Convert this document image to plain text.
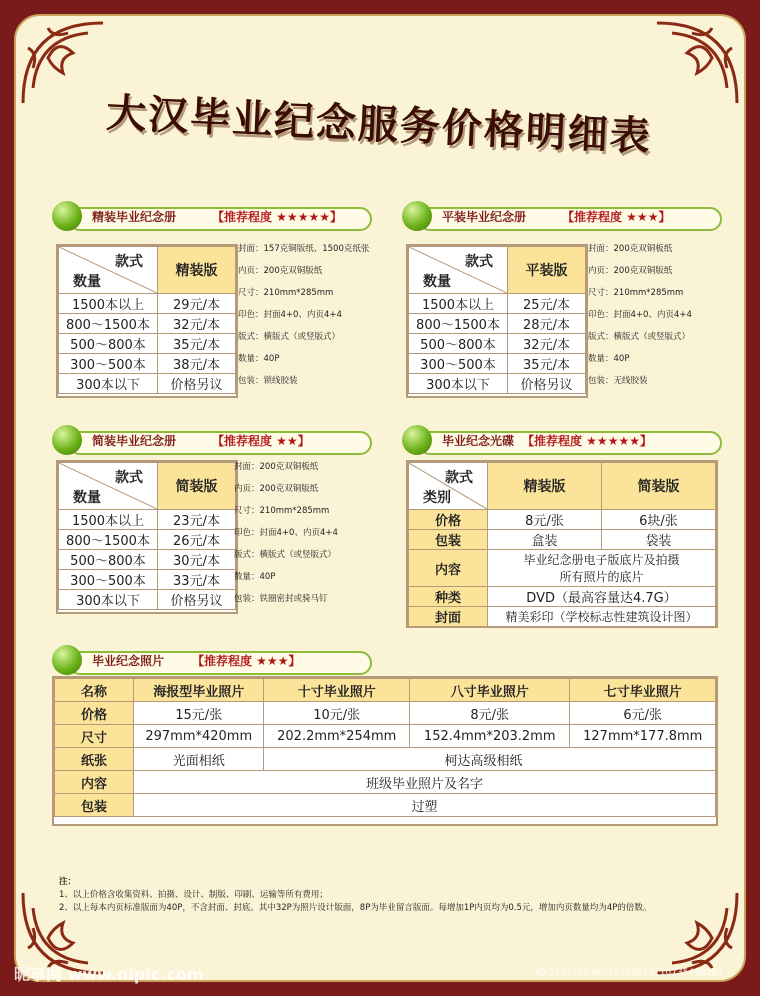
大汉毕业纪念服务价格明细表
精装毕业纪念册	【推荐程度 ★★★★★】
款式
数量	精装版
1500本以上	29元/本
800～1500本	32元/本
500～800本	35元/本
300～500本	38元/本
300本以下	价格另议
封面：157克铜版纸、1500克纸张
内页：200克双铜版纸
尺寸：210mm*285mm
印色：封面4+0、内页4+4
版式：横版式（或竖版式）
数量：40P
包装：锁线胶装
平装毕业纪念册	【推荐程度 ★★★】
款式
数量	平装版
1500本以上	25元/本
800～1500本	28元/本
500～800本	32元/本
300～500本	35元/本
300本以下	价格另议
封面：200克双铜板纸
内页：200克双铜版纸
尺寸：210mm*285mm
印色：封面4+0、内页4+4
版式：横版式（或竖版式）
数量：40P
包装：无线胶装
简装毕业纪念册	【推荐程度 ★★】
款式
数量	简装版
1500本以上	23元/本
800～1500本	26元/本
500～800本	30元/本
300～500本	33元/本
300本以下	价格另议
封面：200克双铜板纸
内页：200克双铜版纸
尺寸：210mm*285mm
印色：封面4+0、内页4+4
版式：横版式（或竖版式）
数量：40P
包装：铁圈密封或骑马钉
毕业纪念光碟 【推荐程度 ★★★★★】
款式
类别	精装版	简装版
价格	8元/张	6块/张
包装	盒装	袋装
内容	毕业纪念册电子版底片及拍摄所有照片的底片	
种类	DVD（最高容量达4.7G）	
封面	精美彩印（学校标志性建筑设计图）	
毕业纪念照片 【推荐程度 ★★★】
名称	海报型毕业照片	十寸毕业照片	八寸毕业照片	七寸毕业照片
价格	15元/张	10元/张	8元/张	6元/张
尺寸	297mm*420mm	202.2mm*254mm	152.4mm*203.2mm	127mm*177.8mm
纸张	光面相纸	柯达高级相纸		
内容	班级毕业照片及名字			
包装	过塑			
注：
1、以上价格含收集资料、拍摄、设计、制版、印刷、运输等所有费用；
2、以上每本内页标准版面为40P，不含封面、封底。其中32P为照片设计版面，8P为毕业留言版面。每增加1P内页均为0.5元，增加内页数量均为4P的倍数。
昵享网 www.nipic.com	ID:5591737 NO:20100914110735468287
